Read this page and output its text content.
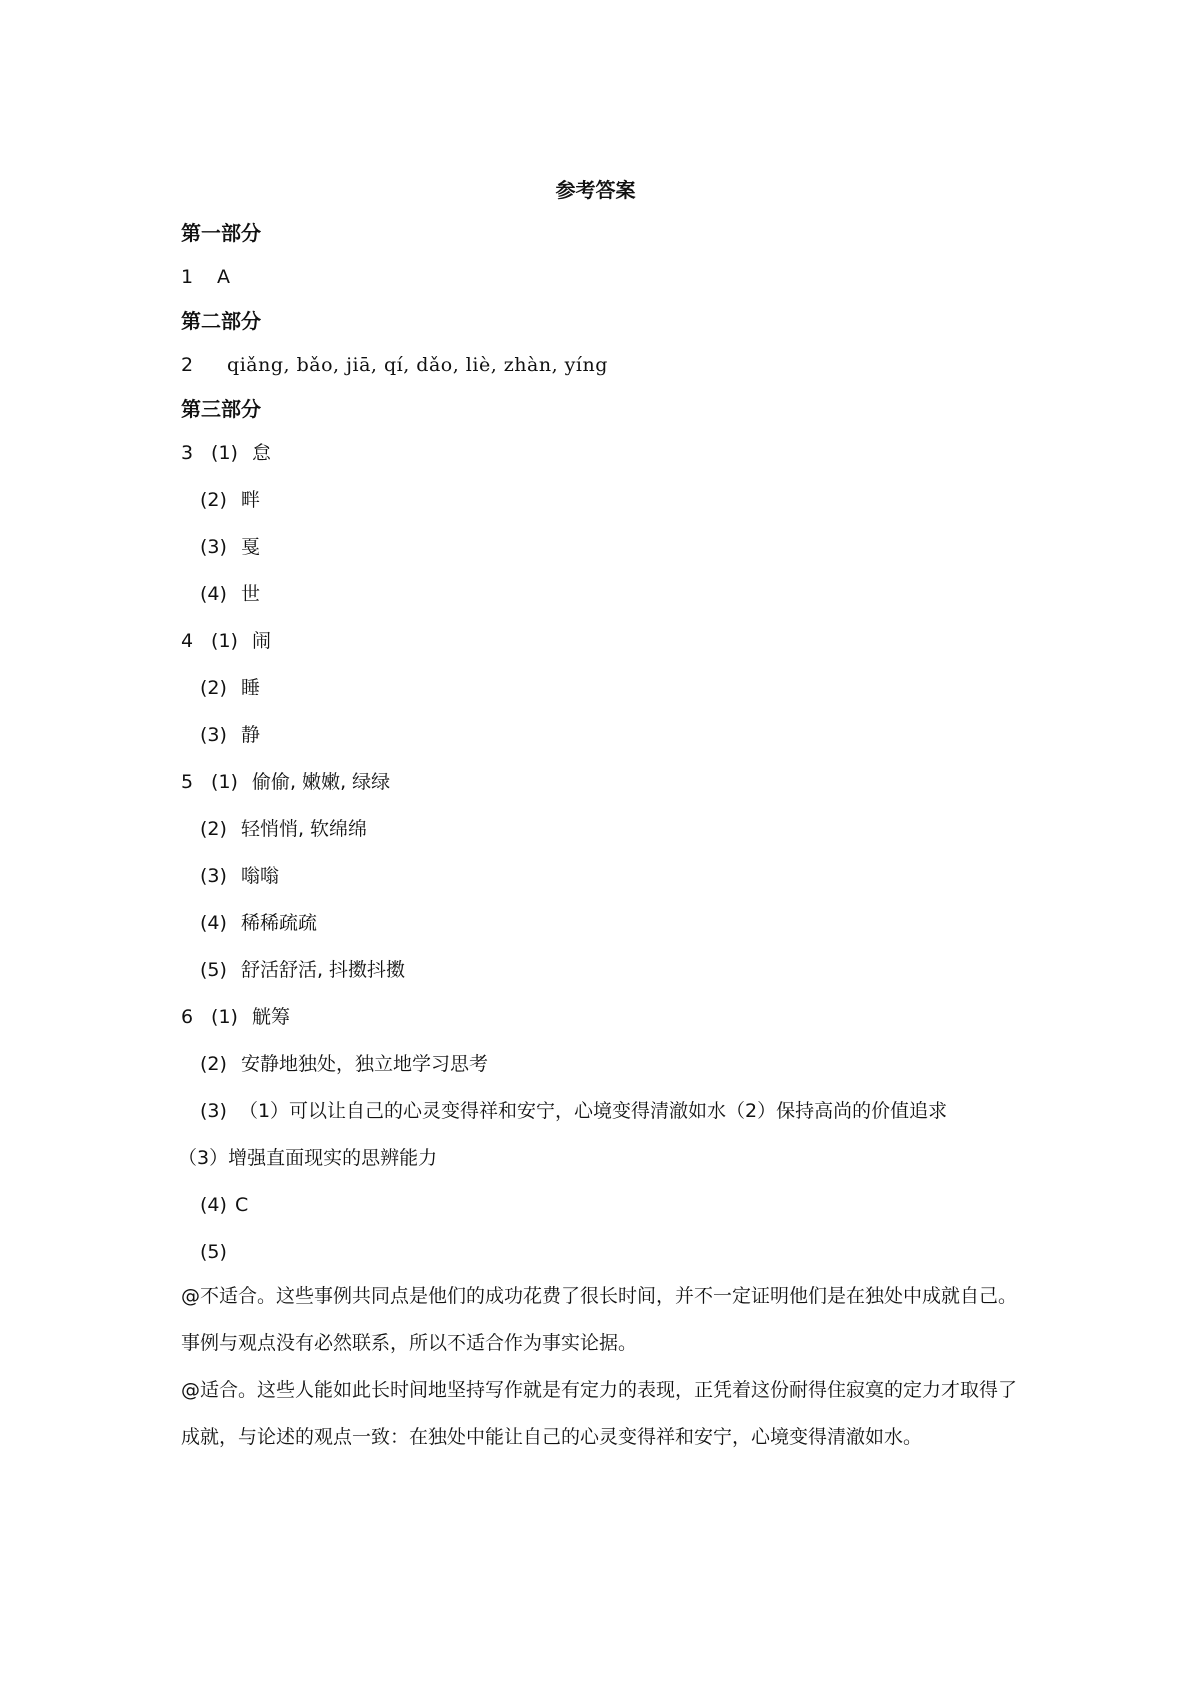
参考答案
第一部分
1 A
第二部分
2 qiǎng, bǎo, jiā, qí, dǎo, liè, zhàn, yíng
第三部分
3 (1) 怠
(2) 畔
(3) 戛
(4) 世
4 (1) 闹
(2) 睡
(3) 静
5 (1) 偷偷, 嫩嫩, 绿绿
(2) 轻悄悄, 软绵绵
(3) 嗡嗡
(4) 稀稀疏疏
(5) 舒活舒活, 抖擞抖擞
6 (1) 觥筹
(2) 安静地独处，独立地学习思考
(3) （1）可以让自己的心灵变得祥和安宁，心境变得清澈如水（2）保持高尚的价值追求
（3）增强直面现实的思辨能力
(4) C
(5)
@不适合。这些事例共同点是他们的成功花费了很长时间，并不一定证明他们是在独处中成就自己。事例与观点没有必然联系，所以不适合作为事实论据。
@适合。这些人能如此长时间地坚持写作就是有定力的表现，正凭着这份耐得住寂寞的定力才取得了成就，与论述的观点一致：在独处中能让自己的心灵变得祥和安宁，心境变得清澈如水。
